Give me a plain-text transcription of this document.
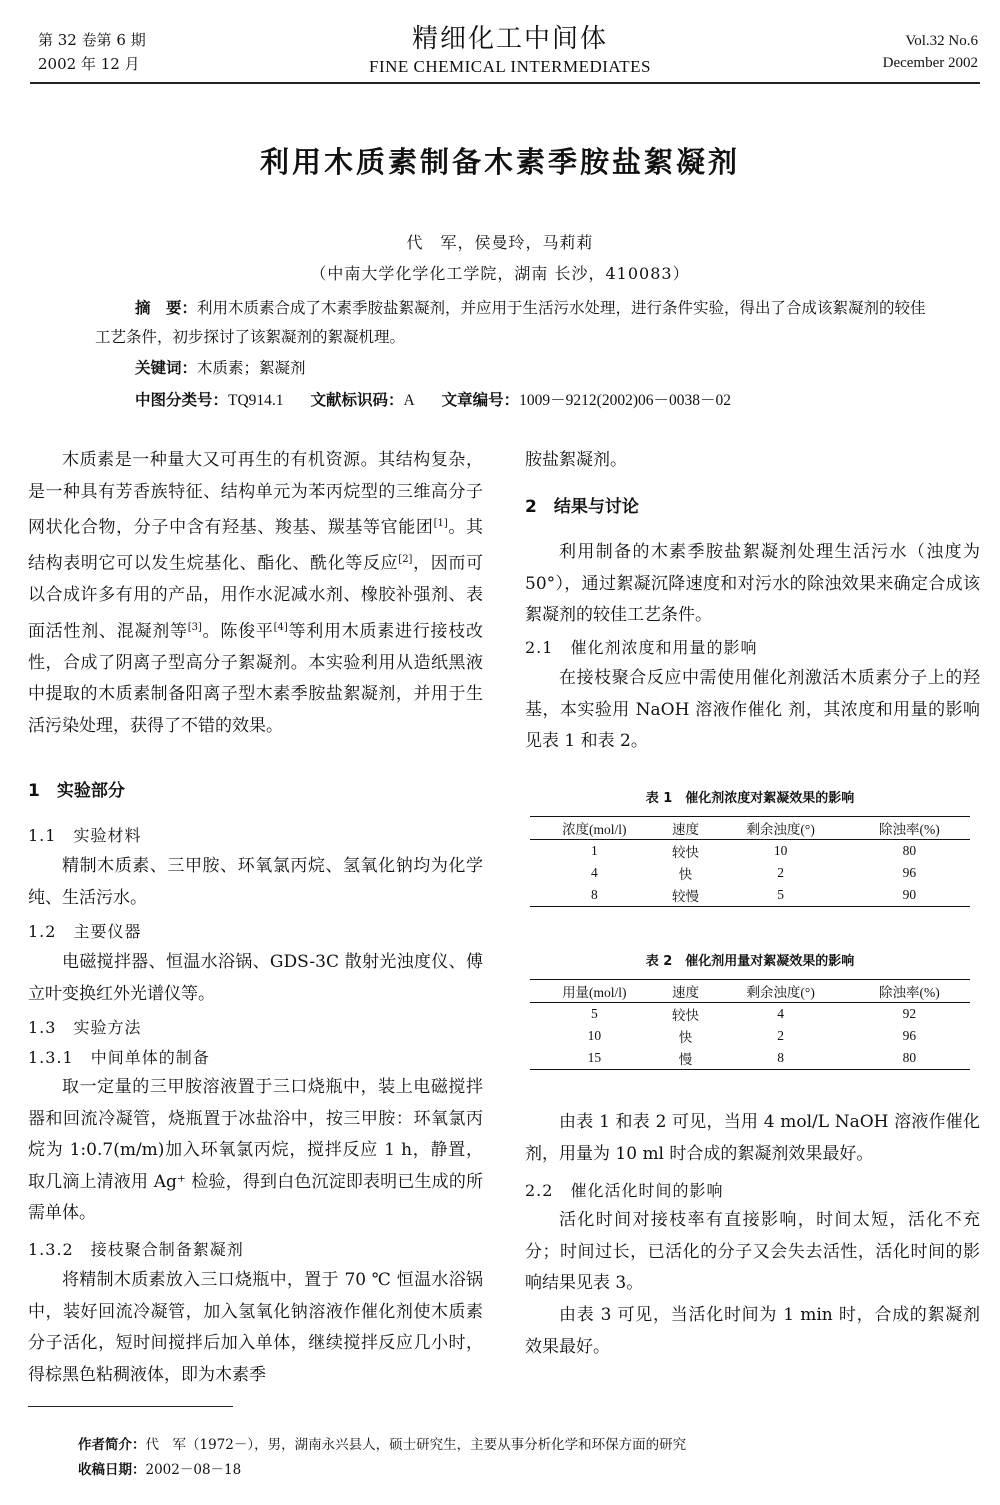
第 32 卷第 6 期
2002 年 12 月
精细化工中间体
FINE CHEMICAL INTERMEDIATES
Vol.32 No.6
December 2002
利用木质素制备木素季胺盐絮凝剂
代　军，侯曼玲，马莉莉
（中南大学化学化工学院，湖南 长沙，410083）
摘　要：利用木质素合成了木素季胺盐絮凝剂，并应用于生活污水处理，进行条件实验，得出了合成该絮凝剂的较佳工艺条件，初步探讨了该絮凝剂的絮凝机理。
关键词：木质素；絮凝剂
中图分类号：TQ914.1 文献标识码：A 文章编号：1009－9212(2002)06－0038－02

木质素是一种量大又可再生的有机资源。其结构复杂，是一种具有芳香族特征、结构单元为苯丙烷型的三维高分子网状化合物，分子中含有羟基、羧基、羰基等官能团[1]。其结构表明它可以发生烷基化、酯化、酰化等反应[2]，因而可以合成许多有用的产品，用作水泥减水剂、橡胶补强剂、表面活性剂、混凝剂等[3]。陈俊平[4]等利用木质素进行接枝改性，合成了阴离子型高分子絮凝剂。本实验利用从造纸黑液中提取的木质素制备阳离子型木素季胺盐絮凝剂，并用于生活污染处理，获得了不错的效果。

1　实验部分
1.1　实验材料

精制木质素、三甲胺、环氧氯丙烷、氢氧化钠均为化学纯、生活污水。

1.2　主要仪器

电磁搅拌器、恒温水浴锅、GDS-3C 散射光浊度仪、傅立叶变换红外光谱仪等。

1.3　实验方法
1.3.1　中间单体的制备

取一定量的三甲胺溶液置于三口烧瓶中，装上电磁搅拌器和回流冷凝管，烧瓶置于冰盐浴中，按三甲胺：环氧氯丙烷为 1:0.7(m/m)加入环氧氯丙烷，搅拌反应 1 h，静置，取几滴上清液用 Ag⁺ 检验，得到白色沉淀即表明已生成的所需单体。

1.3.2　接枝聚合制备絮凝剂

将精制木质素放入三口烧瓶中，置于 70 ℃ 恒温水浴锅中，装好回流冷凝管，加入氢氧化钠溶液作催化剂使木质素分子活化，短时间搅拌后加入单体，继续搅拌反应几小时，得棕黑色粘稠液体，即为木素季

胺盐絮凝剂。
2　结果与讨论

利用制备的木素季胺盐絮凝剂处理生活污水（浊度为 50°），通过絮凝沉降速度和对污水的除浊效果来确定合成该絮凝剂的较佳工艺条件。

2.1　催化剂浓度和用量的影响

在接枝聚合反应中需使用催化剂激活木质素分子上的羟基，本实验用 NaOH 溶液作催化 剂，其浓度和用量的影响见表 1 和表 2。

表 1　催化剂浓度对絮凝效果的影响
浓度(mol/l)	速度	剩余浊度(°)	除浊率(%)
1	较快	10	80
4	快	2	96
8	较慢	5	90
表 2　催化剂用量对絮凝效果的影响
用量(mol/l)	速度	剩余浊度(°)	除浊率(%)
5	较快	4	92
10	快	2	96
15	慢	8	80

由表 1 和表 2 可见，当用 4 mol/L NaOH 溶液作催化剂，用量为 10 ml 时合成的絮凝剂效果最好。

2.2　催化活化时间的影响

活化时间对接枝率有直接影响，时间太短，活化不充分；时间过长，已活化的分子又会失去活性，活化时间的影响结果见表 3。

由表 3 可见，当活化时间为 1 min 时，合成的絮凝剂效果最好。

作者简介：代　军（1972－），男，湖南永兴县人，硕士研究生，主要从事分析化学和环保方面的研究
收稿日期：2002－08－18
